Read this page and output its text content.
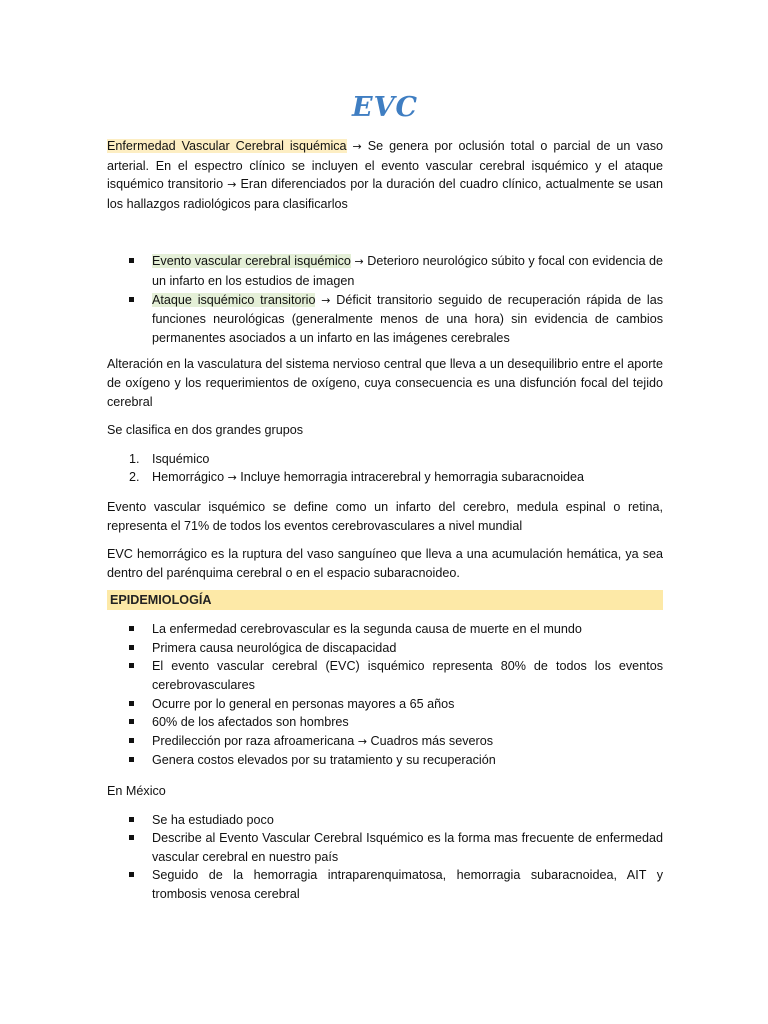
EVC

Enfermedad Vascular Cerebral isquémica → Se genera por oclusión total o parcial de un vaso arterial. En el espectro clínico se incluyen el evento vascular cerebral isquémico y el ataque isquémico transitorio → Eran diferenciados por la duración del cuadro clínico, actualmente se usan los hallazgos radiológicos para clasificarlos

Evento vascular cerebral isquémico → Deterioro neurológico súbito y focal con evidencia de un infarto en los estudios de imagen
Ataque isquémico transitorio → Déficit transitorio seguido de recuperación rápida de las funciones neurológicas (generalmente menos de una hora) sin evidencia de cambios permanentes asociados a un infarto en las imágenes cerebrales

Alteración en la vasculatura del sistema nervioso central que lleva a un desequilibrio entre el aporte de oxígeno y los requerimientos de oxígeno, cuya consecuencia es una disfunción focal del tejido cerebral

Se clasifica en dos grandes grupos

1. Isquémico
2. Hemorrágico → Incluye hemorragia intracerebral y hemorragia subaracnoidea

Evento vascular isquémico se define como un infarto del cerebro, medula espinal o retina, representa el 71% de todos los eventos cerebrovasculares a nivel mundial

EVC hemorrágico es la ruptura del vaso sanguíneo que lleva a una acumulación hemática, ya sea dentro del parénquima cerebral o en el espacio subaracnoideo.

EPIDEMIOLOGÍA
La enfermedad cerebrovascular es la segunda causa de muerte en el mundo
Primera causa neurológica de discapacidad
El evento vascular cerebral (EVC) isquémico representa 80% de todos los eventos cerebrovasculares
Ocurre por lo general en personas mayores a 65 años
60% de los afectados son hombres
Predilección por raza afroamericana → Cuadros más severos
Genera costos elevados por su tratamiento y su recuperación

En México

Se ha estudiado poco
Describe al Evento Vascular Cerebral Isquémico es la forma mas frecuente de enfermedad vascular cerebral en nuestro país
Seguido de la hemorragia intraparenquimatosa, hemorragia subaracnoidea, AIT y trombosis venosa cerebral
